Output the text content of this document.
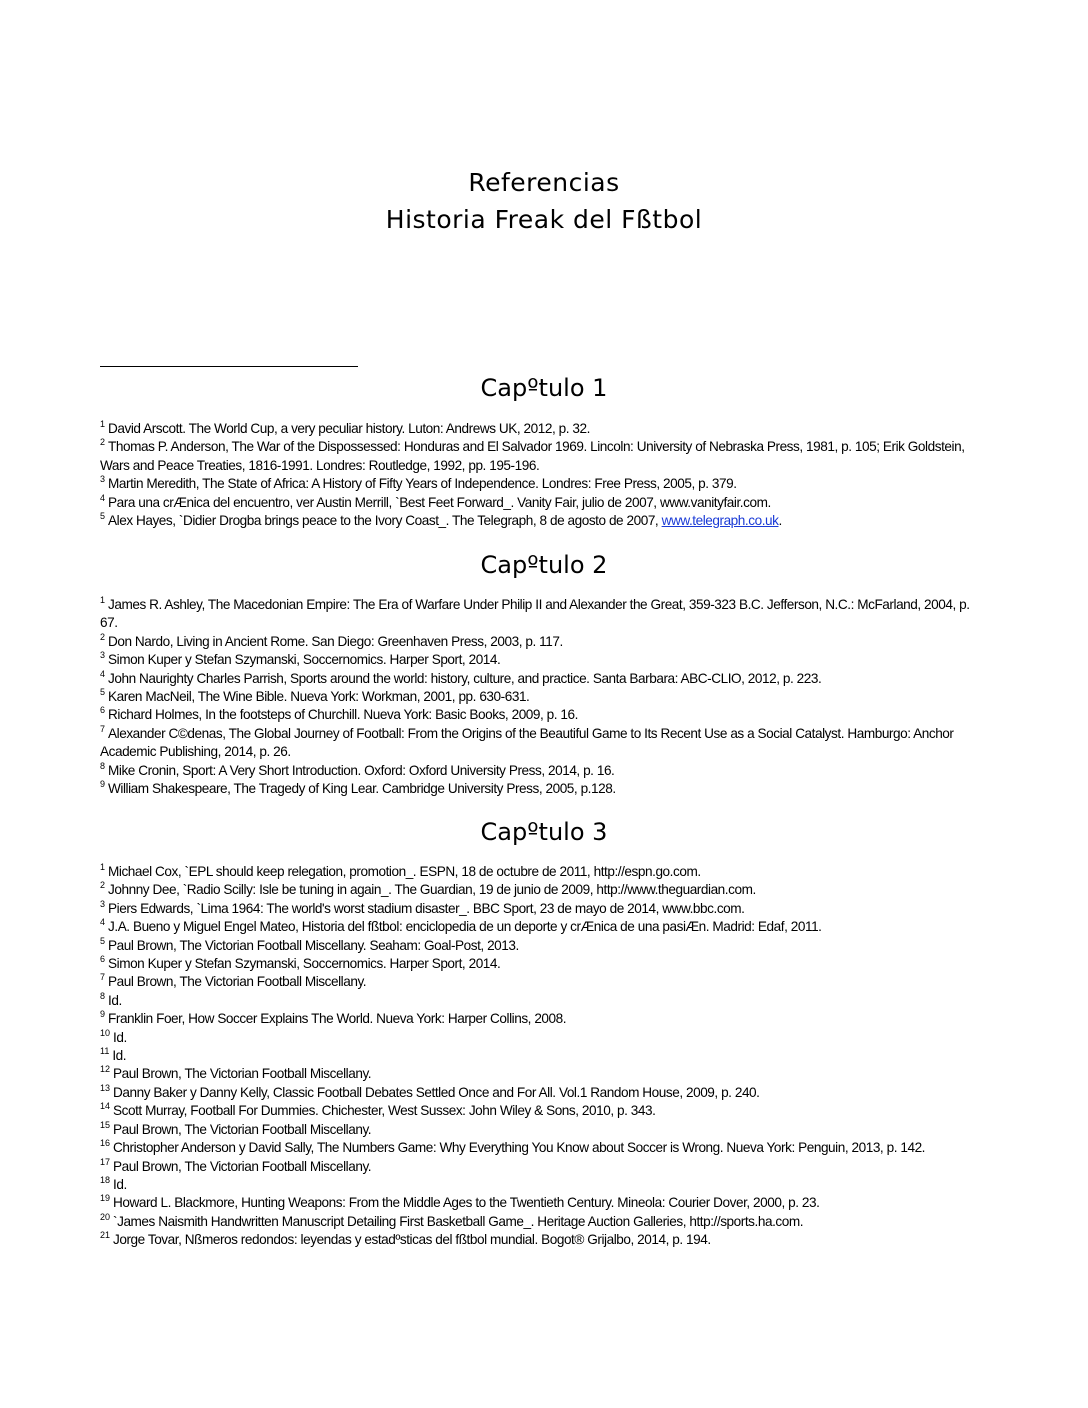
Referencias
Historia Freak del Fßtbol
Capºtulo 1
$^1$ David Arscott. The World Cup, a very peculiar history. Luton: Andrews UK, 2012, p. 32.
$^2$ Thomas P. Anderson, The War of the Dispossessed: Honduras and El Salvador 1969. Lincoln: University of Nebraska Press, 1981, p. 105; Erik Goldstein, Wars and Peace Treaties, 1816-1991. Londres: Routledge, 1992, pp. 195-196.
$^3$ Martin Meredith, The State of Africa: A History of Fifty Years of Independence. Londres: Free Press, 2005, p. 379.
$^4$ Para una crÆnica del encuentro, ver Austin Merrill, `Best Feet Forward_. Vanity Fair, julio de 2007, www.vanityfair.com.
$^5$ Alex Hayes, `Didier Drogba brings peace to the Ivory Coast_. The Telegraph, 8 de agosto de 2007, www.telegraph.co.uk.
Capºtulo 2
$^1$ James R. Ashley, The Macedonian Empire: The Era of Warfare Under Philip II and Alexander the Great, 359-323 B.C. Jefferson, N.C.: McFarland, 2004, p. 67.
$^2$ Don Nardo, Living in Ancient Rome. San Diego: Greenhaven Press, 2003, p. 117.
$^3$ Simon Kuper y Stefan Szymanski, Soccernomics. Harper Sport, 2014.
$^4$ John Naurighty Charles Parrish, Sports around the world: history, culture, and practice. Santa Barbara: ABC-CLIO, 2012, p. 223.
$^5$ Karen MacNeil, The Wine Bible. Nueva York: Workman, 2001, pp. 630-631.
$^6$ Richard Holmes, In the footsteps of Churchill. Nueva York: Basic Books, 2009, p. 16.
$^7$ Alexander C©denas, The Global Journey of Football: From the Origins of the Beautiful Game to Its Recent Use as a Social Catalyst. Hamburgo: Anchor Academic Publishing, 2014, p. 26.
$^8$ Mike Cronin, Sport: A Very Short Introduction. Oxford: Oxford University Press, 2014, p. 16.
$^9$ William Shakespeare, The Tragedy of King Lear. Cambridge University Press, 2005, p.128.
Capºtulo 3
$^1$ Michael Cox, `EPL should keep relegation, promotion_. ESPN, 18 de octubre de 2011, http://espn.go.com.
$^2$ Johnny Dee, `Radio Scilly: Isle be tuning in again_. The Guardian, 19 de junio de 2009, http://www.theguardian.com.
$^3$ Piers Edwards, `Lima 1964: The world's worst stadium disaster_. BBC Sport, 23 de mayo de 2014, www.bbc.com.
$^4$ J.A. Bueno y Miguel Engel Mateo, Historia del fßtbol: enciclopedia de un deporte y crÆnica de una pasiÆn. Madrid: Edaf, 2011.
$^5$ Paul Brown, The Victorian Football Miscellany. Seaham: Goal-Post, 2013.
$^6$ Simon Kuper y Stefan Szymanski, Soccernomics. Harper Sport, 2014.
$^7$ Paul Brown, The Victorian Football Miscellany.
$^8$ Id.
$^9$ Franklin Foer, How Soccer Explains The World. Nueva York: Harper Collins, 2008.
$^{10}$ Id.
$^{11}$ Id.
$^{12}$ Paul Brown, The Victorian Football Miscellany.
$^{13}$ Danny Baker y Danny Kelly, Classic Football Debates Settled Once and For All. Vol.1 Random House, 2009, p. 240.
$^{14}$ Scott Murray, Football For Dummies. Chichester, West Sussex: John Wiley & Sons, 2010, p. 343.
$^{15}$ Paul Brown, The Victorian Football Miscellany.
$^{16}$ Christopher Anderson y David Sally, The Numbers Game: Why Everything You Know about Soccer is Wrong. Nueva York: Penguin, 2013, p. 142.
$^{17}$ Paul Brown, The Victorian Football Miscellany.
$^{18}$ Id.
$^{19}$ Howard L. Blackmore, Hunting Weapons: From the Middle Ages to the Twentieth Century. Mineola: Courier Dover, 2000, p. 23.
$^{20}$ `James Naismith Handwritten Manuscript Detailing First Basketball Game_. Heritage Auction Galleries, http://sports.ha.com.
$^{21}$ Jorge Tovar, Nßmeros redondos: leyendas y estadºsticas del fßtbol mundial. Bogot® Grijalbo, 2014, p. 194.
